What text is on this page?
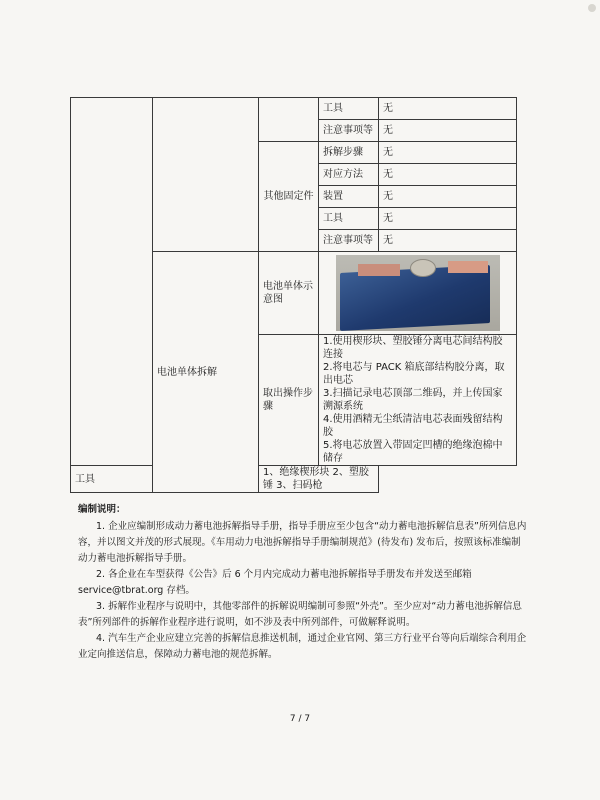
			工具	无
			注意事项等	无
		其他固定件	拆解步骤	无
			对应方法	无
			装置	无
			工具	无
			注意事项等	无
	电池单体拆解	电池单体示意图		

		取出操作步骤	1.使用楔形块、塑胶锤分离电芯间结构胶连接
2.将电芯与 PACK 箱底部结构胶分离，取出电芯
3.扫描记录电芯顶部二维码，并上传国家溯源系统
4.使用酒精无尘纸清洁电芯表面残留结构胶
5.将电芯放置入带固定凹槽的绝缘泡棉中储存	

工具		1、绝缘楔形块 2、塑胶锤 3、扫码枪		
编制说明：

1. 企业应编制形成动力蓄电池拆解指导手册，指导手册应至少包含“动力蓄电池拆解信息表”所列信息内容，并以图文并茂的形式展现。《车用动力电池拆解指导手册编制规范》(待发布) 发布后，按照该标准编制动力蓄电池拆解指导手册。

2. 各企业在车型获得《公告》后 6 个月内完成动力蓄电池拆解指导手册发布并发送至邮箱 service@tbrat.org 存档。

3. 拆解作业程序与说明中，其他零部件的拆解说明编制可参照“外壳”。至少应对“动力蓄电池拆解信息表”所列部件的拆解作业程序进行说明，如不涉及表中所列部件，可做解释说明。

4. 汽车生产企业应建立完善的拆解信息推送机制，通过企业官网、第三方行业平台等向后端综合利用企业定向推送信息，保障动力蓄电池的规范拆解。

7 / 7
